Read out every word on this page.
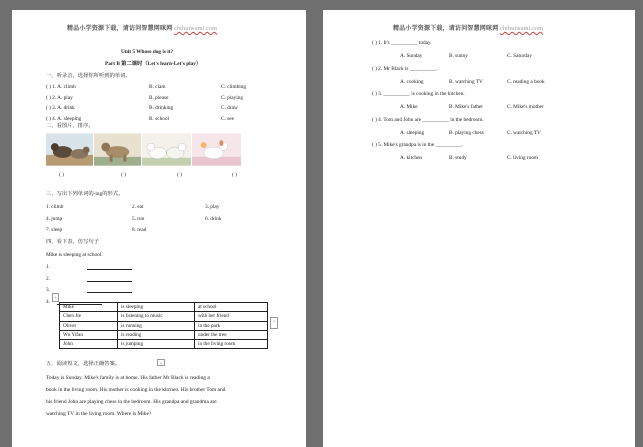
精品小学资源下载，请访问智慧网咪网 chihuiwami.com
Unit 5 Whose dog is it?
Part B 第二课时（Let's learn-Let's play）
一、听录音，选择你所听到的单词。
( ) 1. A. climb	B. clam	C. climbing
( ) 2. A. play	B. please	C. playing
( ) 3. A. drink	B. drinking	C. draw
( ) 4. A. sleeping	B. school	C. see
二、看图片，排序。
( )	( )	( )	( )
三、写出下列单词的-ing的形式。
1. climb	2. eat	3. play
4. jump	5. run	6. drink
7. sleep	8. read
四、看下表，仿写句子
Mike is sleeping at school.
1.
2.
3.
4.
Mike	is sleeping	at school
Chen Jie	is listening to music	with her friend
Oliver	is running	in the park
Wu Yifan	is reading	under the tree
John	is jumping	in the living room
+
+
+
五、阅读短文，选择正确答案。
Today is Sunday. Mike's family is at home. His father Mr Black is reading a
book in the living room. His mother is cooking in the kitchen. His brother Tom and
his friend John are playing chess in the bedroom. His grandpa and grandma are
watching TV in the living room. Where is Mike?
精品小学资源下载，请访问智慧网咪网 chihuiwami.com
( ) 1. It's __________ today.
A. Sunday	B. sunny	C. Saturday
( ) 2. Mr Black is __________.
A. cooking	B. watching TV	C. reading a book
( ) 3. __________ is cooking in the kitchen.
A. Mike	B. Mike's father	C. Mike's mother
( ) 4. Tom and John are __________ in the bedroom.
A. sleeping	B. playing chess	C. watching TV
( ) 5. Mike's grandpa is in the __________.
A. kitchen	B. study	C. living room
